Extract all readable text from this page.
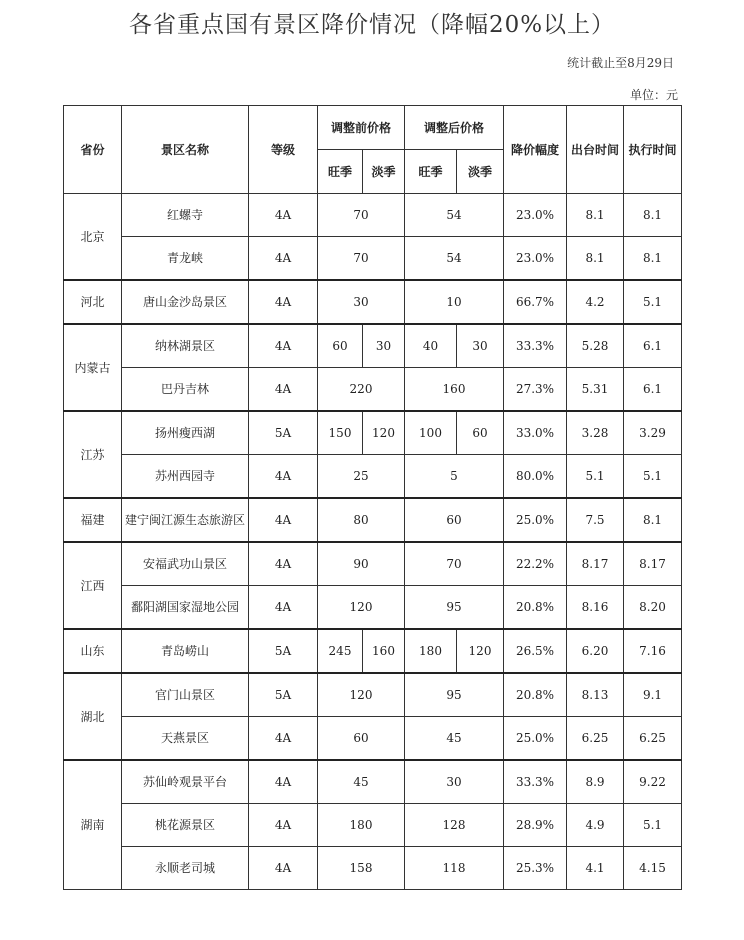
各省重点国有景区降价情况（降幅20%以上）
统计截止至8月29日
单位：元
省份	景区名称	等级	调整前价格		调整后价格		降价幅度	出台时间	执行时间
			旺季	淡季	旺季	淡季			
北京	红螺寺	4A	70		54		23.0%	8.1	8.1
	青龙峡	4A	70		54		23.0%	8.1	8.1
河北	唐山金沙岛景区	4A	30		10		66.7%	4.2	5.1
内蒙古	纳林湖景区	4A	60	30	40	30	33.3%	5.28	6.1
	巴丹吉林	4A	220		160		27.3%	5.31	6.1
江苏	扬州瘦西湖	5A	150	120	100	60	33.0%	3.28	3.29
	苏州西园寺	4A	25		5		80.0%	5.1	5.1
福建	建宁闽江源生态旅游区	4A	80		60		25.0%	7.5	8.1
江西	安福武功山景区	4A	90		70		22.2%	8.17	8.17
	鄱阳湖国家湿地公园	4A	120		95		20.8%	8.16	8.20
山东	青岛崂山	5A	245	160	180	120	26.5%	6.20	7.16
湖北	官门山景区	5A	120		95		20.8%	8.13	9.1
	天燕景区	4A	60		45		25.0%	6.25	6.25
湖南	苏仙岭观景平台	4A	45		30		33.3%	8.9	9.22
	桃花源景区	4A	180		128		28.9%	4.9	5.1
	永顺老司城	4A	158		118		25.3%	4.1	4.15
